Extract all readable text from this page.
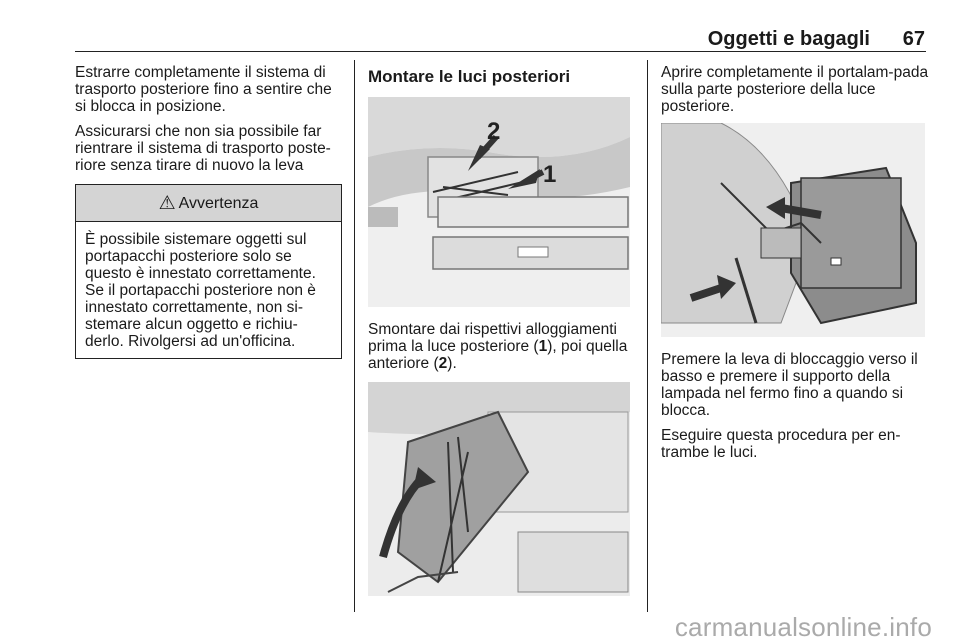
Oggetti e bagagli	67

Estrarre completamente il sistema di trasporto posteriore fino a sentire che si blocca in posizione.

Assicurarsi che non sia possibile far rientrare il sistema di trasporto poste-riore senza tirare di nuovo la leva

⚠ Avvertenza
È possibile sistemare oggetti sul portapacchi posteriore solo se questo è innestato correttamente. Se il portapacchi posteriore non è innestato correttamente, non si-stemare alcun oggetto e richiu-derlo. Rivolgersi ad un'officina.
Montare le luci posteriori
2
1

Smontare dai rispettivi alloggiamenti prima la luce posteriore (1), poi quella anteriore (2).

Aprire completamente il portalam-pada sulla parte posteriore della luce posteriore.

Premere la leva di bloccaggio verso il basso e premere il supporto della lampada nel fermo fino a quando si blocca.

Eseguire questa procedura per en-trambe le luci.

carmanualsonline.info
